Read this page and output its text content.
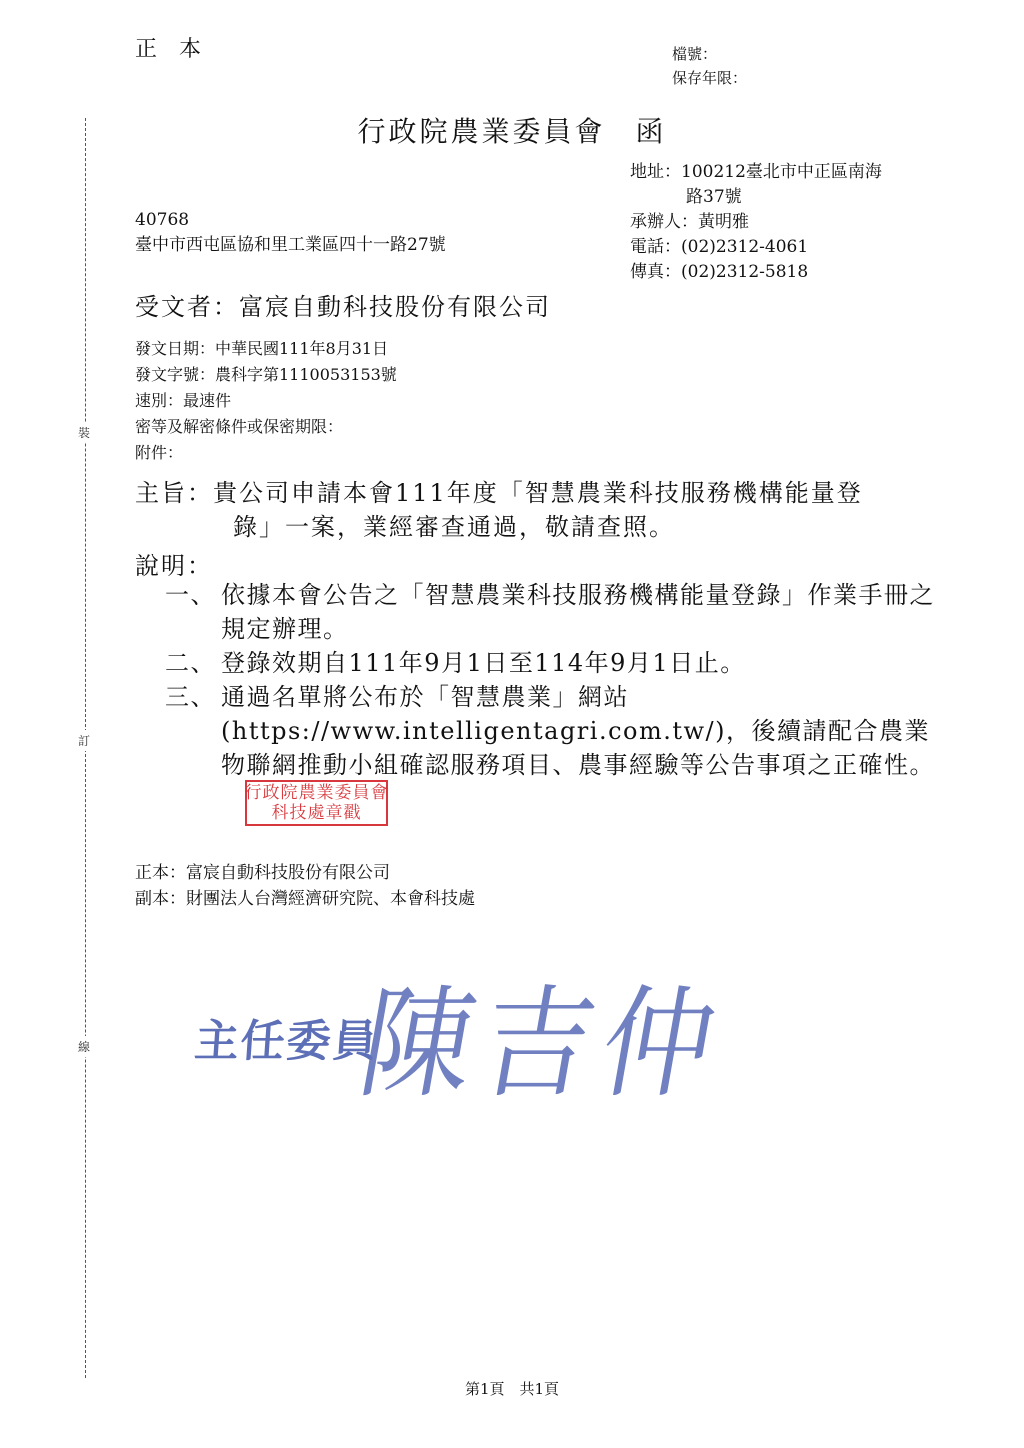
正本	檔號：
保存年限：
裝
訂
線
行政院農業委員會 函
地址：100212臺北市中正區南海
路37號
承辦人：黃明雅
電話：(02)2312-4061
傳真：(02)2312-5818
40768
臺中市西屯區協和里工業區四十一路27號
受文者：富宸自動科技股份有限公司
發文日期：中華民國111年8月31日
發文字號：農科字第1110053153號
速別：最速件
密等及解密條件或保密期限：
附件：
主旨：貴公司申請本會111年度「智慧農業科技服務機構能量登
錄」一案，業經審查通過，敬請查照。
說明：
一、 依據本會公告之「智慧農業科技服務機構能量登錄」作業手冊之規定辦理。
二、 登錄效期自111年9月1日至114年9月1日止。
三、 通過名單將公布於「智慧農業」網站(https://www.intelligentagri.com.tw/)，後續請配合農業物聯網推動小組確認服務項目、農事經驗等公告事項之正確性。
行政院農業委員會
科技處章戳
正本：富宸自動科技股份有限公司
副本：財團法人台灣經濟研究院、本會科技處
主任委員
陳吉仲
第1頁　共1頁
